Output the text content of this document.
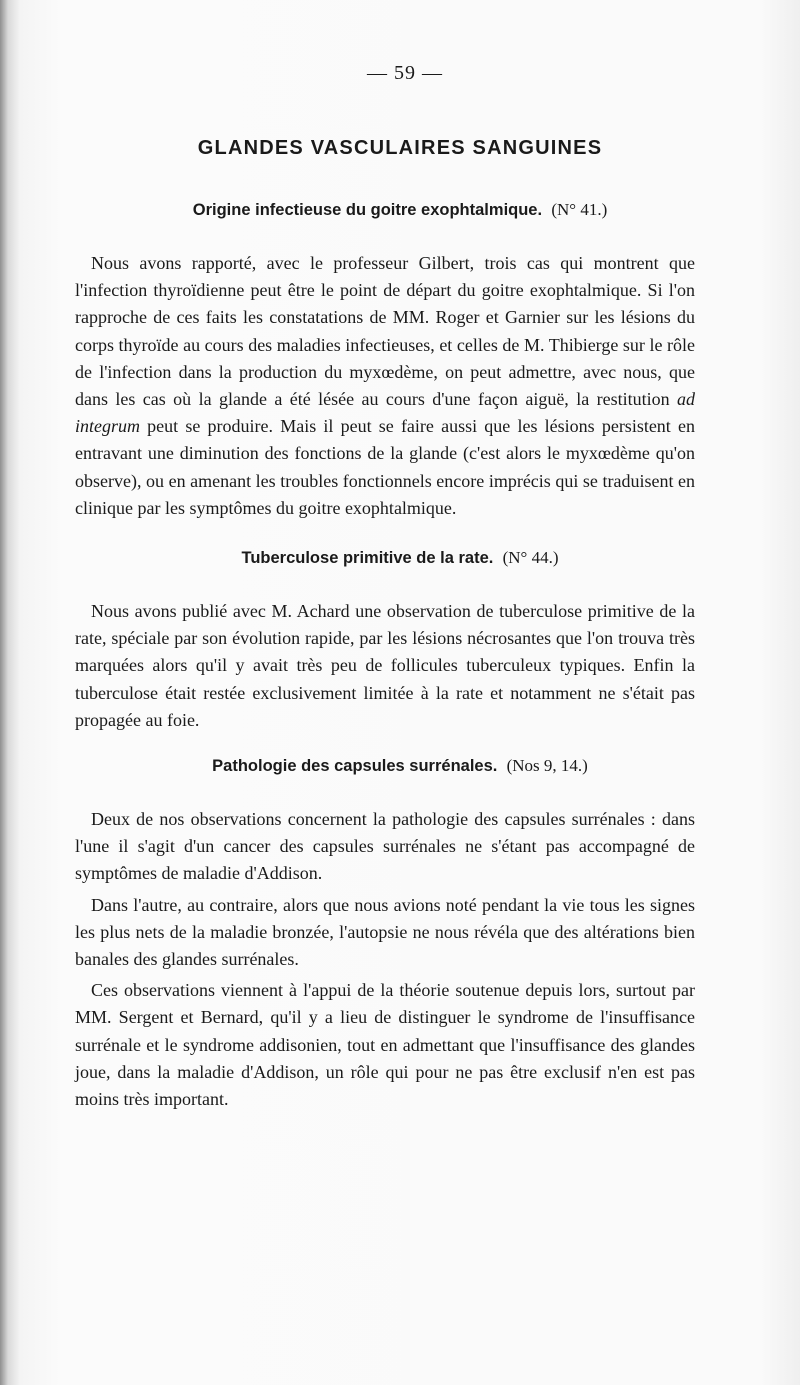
— 59 —
GLANDES VASCULAIRES SANGUINES
Origine infectieuse du goitre exophtalmique. (N° 41.)

Nous avons rapporté, avec le professeur Gilbert, trois cas qui montrent que l'infection thyroïdienne peut être le point de départ du goitre exophtalmique. Si l'on rapproche de ces faits les constatations de MM. Roger et Garnier sur les lésions du corps thyroïde au cours des maladies infectieuses, et celles de M. Thibierge sur le rôle de l'infection dans la production du myxœdème, on peut admettre, avec nous, que dans les cas où la glande a été lésée au cours d'une façon aiguë, la restitution ad integrum peut se produire. Mais il peut se faire aussi que les lésions persistent en entravant une diminution des fonctions de la glande (c'est alors le myxœdème qu'on observe), ou en amenant les troubles fonctionnels encore imprécis qui se traduisent en clinique par les symptômes du goitre exophtalmique.

Tuberculose primitive de la rate. (N° 44.)

Nous avons publié avec M. Achard une observation de tuberculose primitive de la rate, spéciale par son évolution rapide, par les lésions nécrosantes que l'on trouva très marquées alors qu'il y avait très peu de follicules tuberculeux typiques. Enfin la tuberculose était restée exclusivement limitée à la rate et notamment ne s'était pas propagée au foie.

Pathologie des capsules surrénales. (Nos 9, 14.)

Deux de nos observations concernent la pathologie des capsules surrénales : dans l'une il s'agit d'un cancer des capsules surrénales ne s'étant pas accompagné de symptômes de maladie d'Addison.

Dans l'autre, au contraire, alors que nous avions noté pendant la vie tous les signes les plus nets de la maladie bronzée, l'autopsie ne nous révéla que des altérations bien banales des glandes surrénales.

Ces observations viennent à l'appui de la théorie soutenue depuis lors, surtout par MM. Sergent et Bernard, qu'il y a lieu de distinguer le syndrome de l'insuffisance surrénale et le syndrome addisonien, tout en admettant que l'insuffisance des glandes joue, dans la maladie d'Addison, un rôle qui pour ne pas être exclusif n'en est pas moins très important.
